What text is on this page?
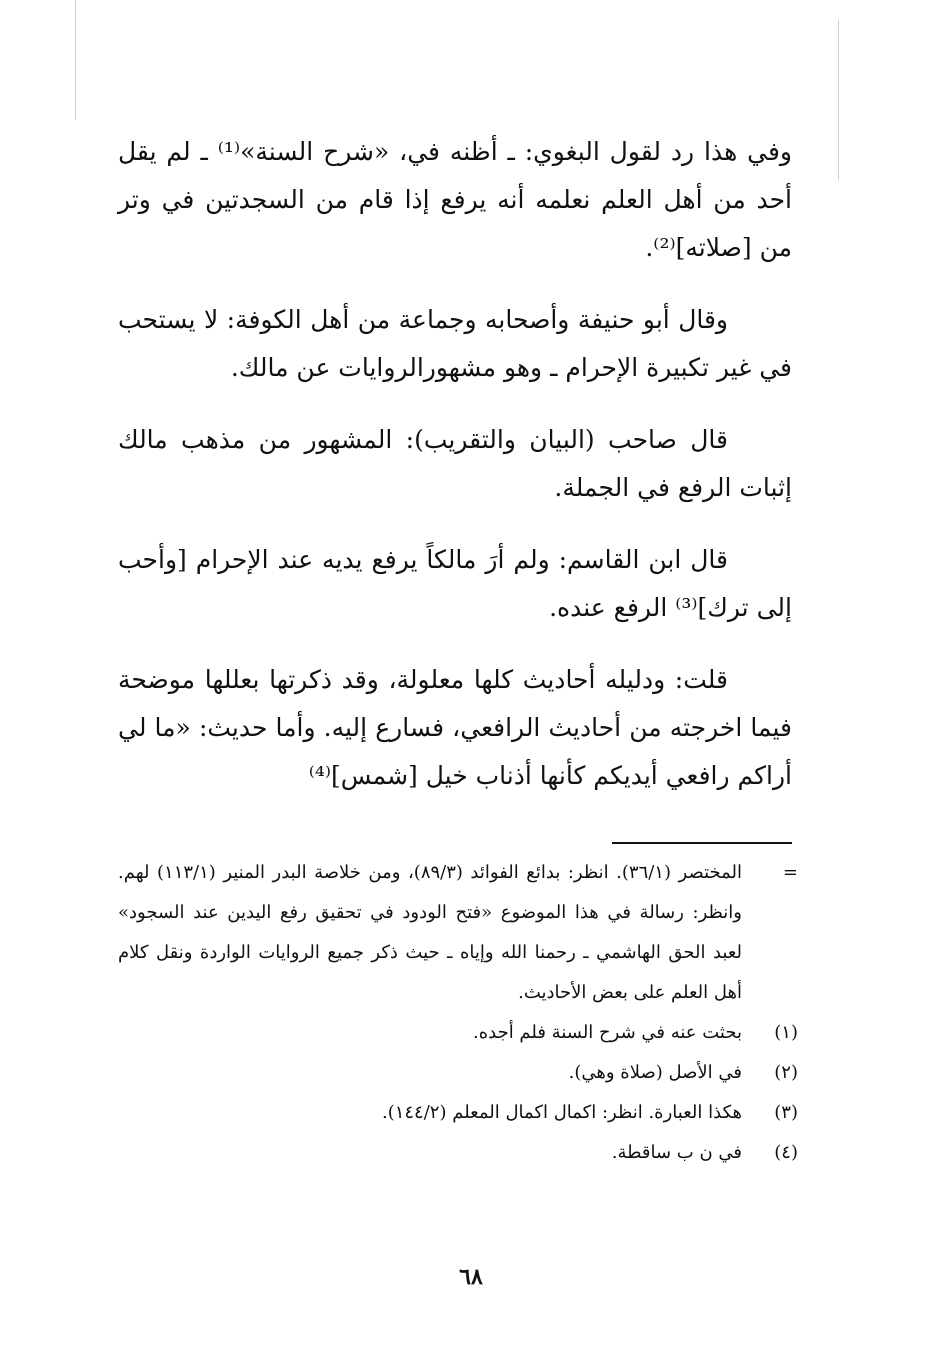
وفي هذا رد لقول البغوي: ـ أظنه في، «شرح السنة»⁽¹⁾ ـ لم يقل أحد من أهل العلم نعلمه أنه يرفع إذا قام من السجدتين في وتر من [صلاته]⁽²⁾.

وقال أبو حنيفة وأصحابه وجماعة من أهل الكوفة: لا يستحب في غير تكبيرة الإحرام ـ وهو مشهورالروايات عن مالك.

قال صاحب (البيان والتقريب): المشهور من مذهب مالك إثبات الرفع في الجملة.

قال ابن القاسم: ولم أرَ مالكاً يرفع يديه عند الإحرام [وأحب إلى ترك]⁽³⁾ الرفع عنده.

قلت: ودليله أحاديث كلها معلولة، وقد ذكرتها بعللها موضحة فيما اخرجته من أحاديث الرافعي، فسارع إليه. وأما حديث: «ما لي أراكم رافعي أيديكم كأنها أذناب خيل [شمس]⁽⁴⁾

=
المختصر (٣٦/١). انظر: بدائع الفوائد (٨٩/٣)، ومن خلاصة البدر المنير (١١٣/١) لهم. وانظر: رسالة في هذا الموضوع «فتح الودود في تحقيق رفع اليدين عند السجود» لعبد الحق الهاشمي ـ رحمنا الله وإياه ـ حيث ذكر جميع الروايات الواردة ونقل كلام أهل العلم على بعض الأحاديث.
(١)
بحثت عنه في شرح السنة فلم أجده.
(٢)
في الأصل (صلاة وهي).
(٣)
هكذا العبارة. انظر: اكمال اكمال المعلم (١٤٤/٢).
(٤)
في ن ب ساقطة.
٦٨
